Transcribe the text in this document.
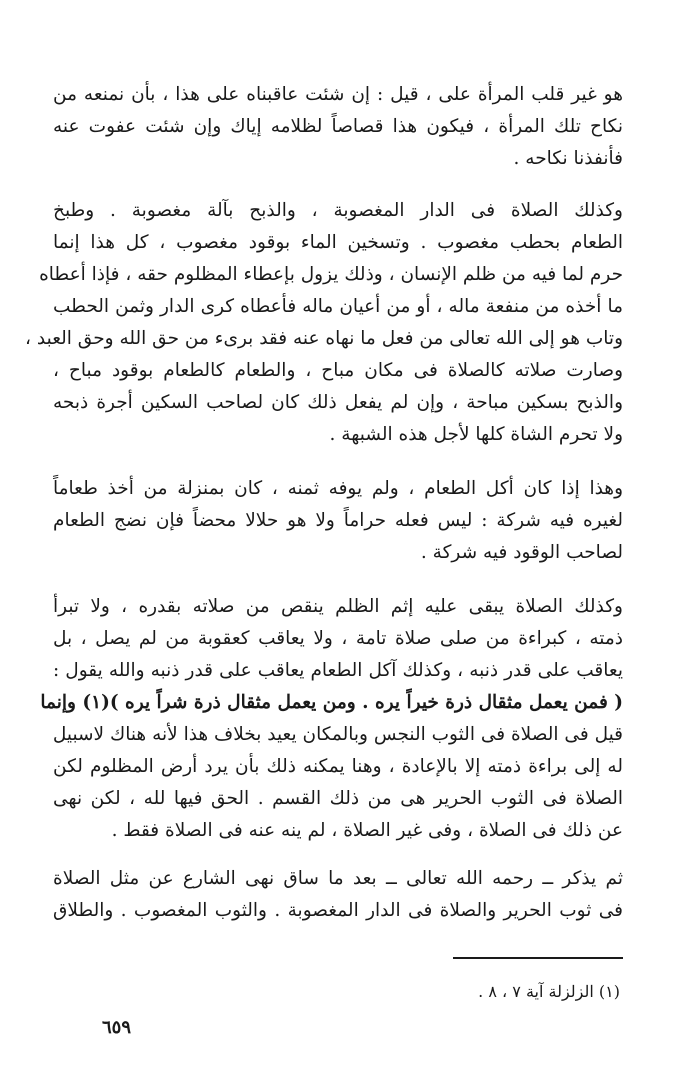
هو غير قلب المرأة على ، قيل : إن شئت عاقبناه على هذا ، بأن نمنعه من
نكاح تلك المرأة ، فيكون هذا قصاصاً لظلامه إياك وإن شئت عفوت عنه
فأنفذنا نكاحه .
وكذلك الصلاة فى الدار المغصوبة ، والذبح بآلة مغصوبة . وطبخ
الطعام بحطب مغصوب . وتسخين الماء بوقود مغصوب ، كل هذا إنما
حرم لما فيه من ظلم الإنسان ، وذلك يزول بإعطاء المظلوم حقه ، فإذا أعطاه
ما أخذه من منفعة ماله ، أو من أعيان ماله فأعطاه كرى الدار وثمن الحطب
وتاب هو إلى الله تعالى من فعل ما نهاه عنه فقد برىء من حق الله وحق العبد ،
وصارت صلاته كالصلاة فى مكان مباح ، والطعام كالطعام بوقود مباح ،
والذبح بسكين مباحة ، وإن لم يفعل ذلك كان لصاحب السكين أجرة ذبحه
ولا تحرم الشاة كلها لأجل هذه الشبهة .
وهذا إذا كان أكل الطعام ، ولم يوفه ثمنه ، كان بمنزلة من أخذ طعاماً
لغيره فيه شركة : ليس فعله حراماً ولا هو حلالا محضاً فإن نضج الطعام
لصاحب الوقود فيه شركة .
وكذلك الصلاة يبقى عليه إثم الظلم ينقص من صلاته بقدره ، ولا تبرأ
ذمته ، كبراءة من صلى صلاة تامة ، ولا يعاقب كعقوبة من لم يصل ، بل
يعاقب على قدر ذنبه ، وكذلك آكل الطعام يعاقب على قدر ذنبه والله يقول :
( فمن يعمل مثقال ذرة خيراً يره . ومن يعمل مثقال ذرة شراً يره )(١) وإنما
قيل فى الصلاة فى الثوب النجس وبالمكان يعيد بخلاف هذا لأنه هناك لاسبيل
له إلى براءة ذمته إلا بالإعادة ، وهنا يمكنه ذلك بأن يرد أرض المظلوم لكن
الصلاة فى الثوب الحرير هى من ذلك القسم . الحق فيها لله ، لكن نهى
عن ذلك فى الصلاة ، وفى غير الصلاة ، لم ينه عنه فى الصلاة فقط .
ثم يذكر ــ رحمه الله تعالى ــ بعد ما ساق نهى الشارع عن مثل الصلاة
فى ثوب الحرير والصلاة فى الدار المغصوبة . والثوب المغصوب . والطلاق
(١) الزلزلة آية ٧ ، ٨ .
٦٥٩
